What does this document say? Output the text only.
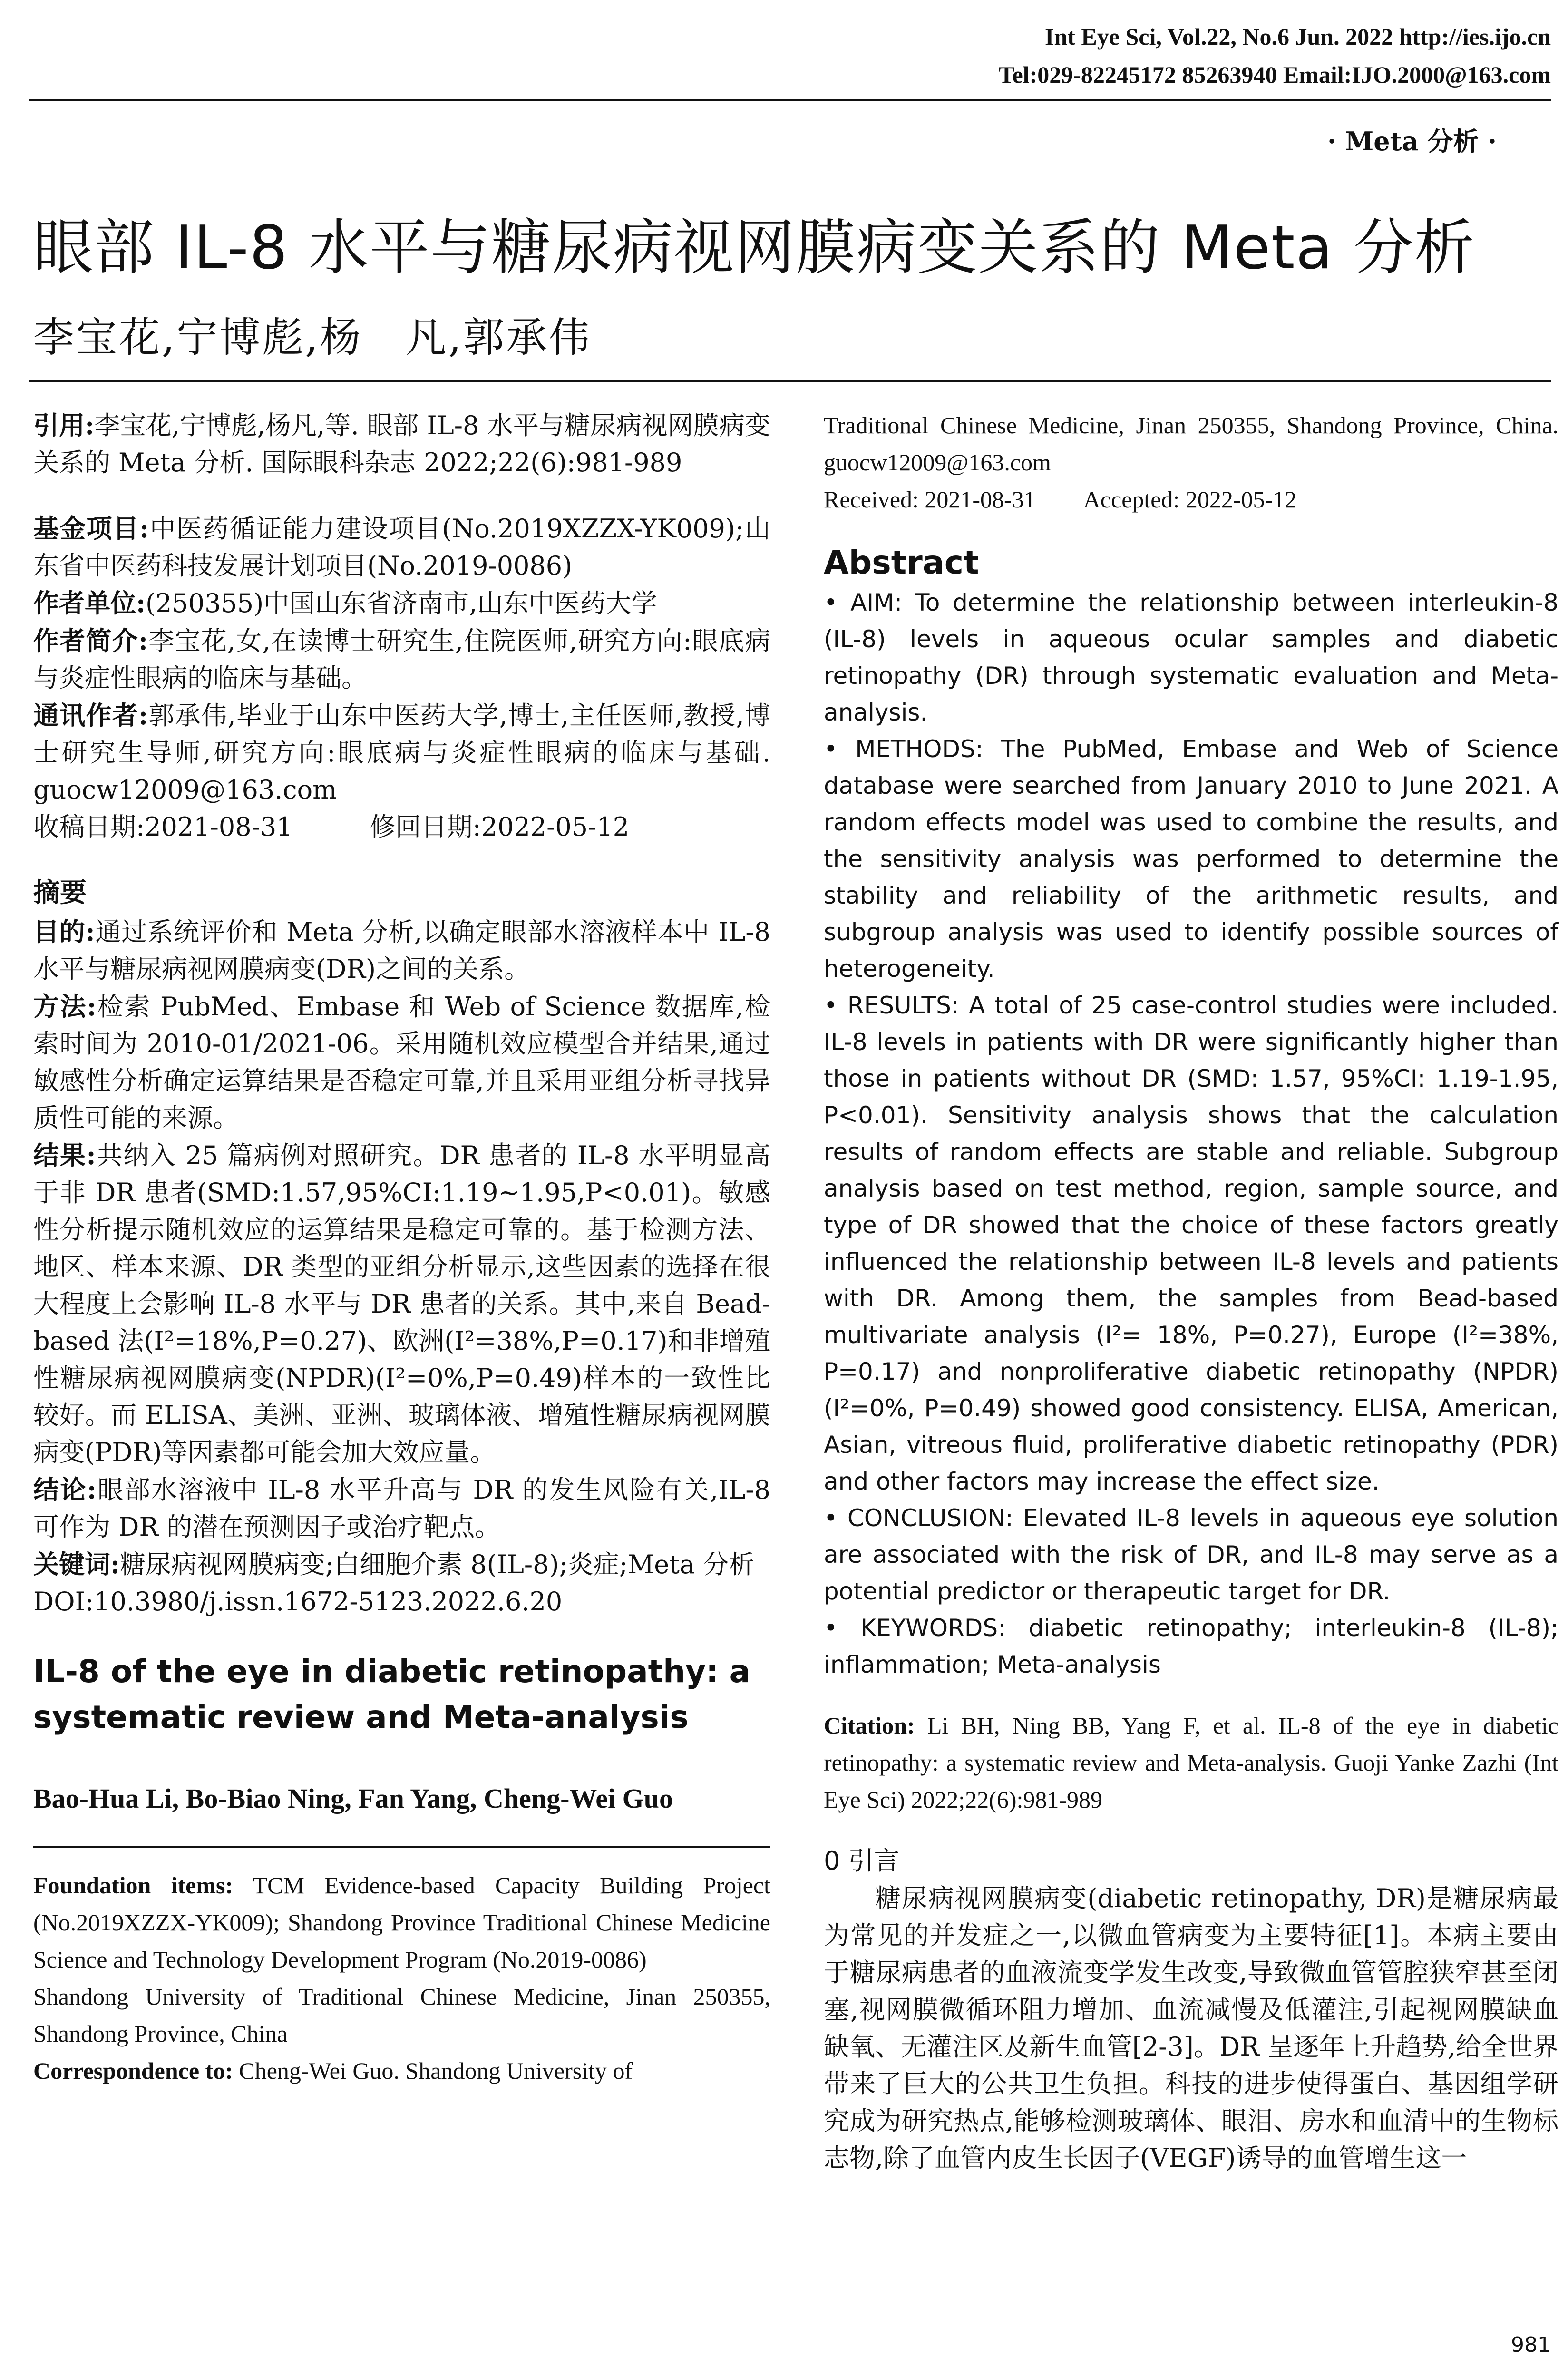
Int Eye Sci, Vol.22, No.6 Jun. 2022 http://ies.ijo.cn
Tel:029-82245172 85263940 Email:IJO.2000@163.com
· Meta 分析 ·
眼部 IL-8 水平与糖尿病视网膜病变关系的 Meta 分析
李宝花,宁博彪,杨　凡,郭承伟

引用:李宝花,宁博彪,杨凡,等. 眼部 IL-8 水平与糖尿病视网膜病变关系的 Meta 分析. 国际眼科杂志 2022;22(6):981-989

基金项目:中医药循证能力建设项目(No.2019XZZX-YK009);山东省中医药科技发展计划项目(No.2019-0086)

作者单位:(250355)中国山东省济南市,山东中医药大学

作者简介:李宝花,女,在读博士研究生,住院医师,研究方向:眼底病与炎症性眼病的临床与基础。

通讯作者:郭承伟,毕业于山东中医药大学,博士,主任医师,教授,博士研究生导师,研究方向:眼底病与炎症性眼病的临床与基础. guocw12009@163.com

收稿日期:2021-08-31　　　修回日期:2022-05-12

摘要

目的:通过系统评价和 Meta 分析,以确定眼部水溶液样本中 IL-8 水平与糖尿病视网膜病变(DR)之间的关系。

方法:检索 PubMed、Embase 和 Web of Science 数据库,检索时间为 2010-01/2021-06。采用随机效应模型合并结果,通过敏感性分析确定运算结果是否稳定可靠,并且采用亚组分析寻找异质性可能的来源。

结果:共纳入 25 篇病例对照研究。DR 患者的 IL-8 水平明显高于非 DR 患者(SMD:1.57,95%CI:1.19~1.95,P<0.01)。敏感性分析提示随机效应的运算结果是稳定可靠的。基于检测方法、地区、样本来源、DR 类型的亚组分析显示,这些因素的选择在很大程度上会影响 IL-8 水平与 DR 患者的关系。其中,来自 Bead-based 法(I²=18%,P=0.27)、欧洲(I²=38%,P=0.17)和非增殖性糖尿病视网膜病变(NPDR)(I²=0%,P=0.49)样本的一致性比较好。而 ELISA、美洲、亚洲、玻璃体液、增殖性糖尿病视网膜病变(PDR)等因素都可能会加大效应量。

结论:眼部水溶液中 IL-8 水平升高与 DR 的发生风险有关,IL-8 可作为 DR 的潜在预测因子或治疗靶点。

关键词:糖尿病视网膜病变;白细胞介素 8(IL-8);炎症;Meta 分析

DOI:10.3980/j.issn.1672-5123.2022.6.20

IL-8 of the eye in diabetic retinopathy: a systematic review and Meta-analysis

Bao-Hua Li, Bo-Biao Ning, Fan Yang, Cheng-Wei Guo

Foundation items: TCM Evidence-based Capacity Building Project (No.2019XZZX-YK009); Shandong Province Traditional Chinese Medicine Science and Technology Development Program (No.2019-0086)

Shandong University of Traditional Chinese Medicine, Jinan 250355, Shandong Province, China

Correspondence to: Cheng-Wei Guo. Shandong University of

Traditional Chinese Medicine, Jinan 250355, Shandong Province, China. guocw12009@163.com

Received: 2021-08-31　　Accepted: 2022-05-12

Abstract

• AIM: To determine the relationship between interleukin-8 (IL-8) levels in aqueous ocular samples and diabetic retinopathy (DR) through systematic evaluation and Meta-analysis.

• METHODS: The PubMed, Embase and Web of Science database were searched from January 2010 to June 2021. A random effects model was used to combine the results, and the sensitivity analysis was performed to determine the stability and reliability of the arithmetic results, and subgroup analysis was used to identify possible sources of heterogeneity.

• RESULTS: A total of 25 case-control studies were included. IL-8 levels in patients with DR were significantly higher than those in patients without DR (SMD: 1.57, 95%CI: 1.19-1.95, P<0.01). Sensitivity analysis shows that the calculation results of random effects are stable and reliable. Subgroup analysis based on test method, region, sample source, and type of DR showed that the choice of these factors greatly influenced the relationship between IL-8 levels and patients with DR. Among them, the samples from Bead-based multivariate analysis (I²= 18%, P=0.27), Europe (I²=38%, P=0.17) and nonproliferative diabetic retinopathy (NPDR) (I²=0%, P=0.49) showed good consistency. ELISA, American, Asian, vitreous fluid, proliferative diabetic retinopathy (PDR) and other factors may increase the effect size.

• CONCLUSION: Elevated IL-8 levels in aqueous eye solution are associated with the risk of DR, and IL-8 may serve as a potential predictor or therapeutic target for DR.

• KEYWORDS: diabetic retinopathy; interleukin-8 (IL-8); inflammation; Meta-analysis

Citation: Li BH, Ning BB, Yang F, et al. IL-8 of the eye in diabetic retinopathy: a systematic review and Meta-analysis. Guoji Yanke Zazhi (Int Eye Sci) 2022;22(6):981-989

0 引言

糖尿病视网膜病变(diabetic retinopathy, DR)是糖尿病最为常见的并发症之一,以微血管病变为主要特征[1]。本病主要由于糖尿病患者的血液流变学发生改变,导致微血管管腔狭窄甚至闭塞,视网膜微循环阻力增加、血流减慢及低灌注,引起视网膜缺血缺氧、无灌注区及新生血管[2-3]。DR 呈逐年上升趋势,给全世界带来了巨大的公共卫生负担。科技的进步使得蛋白、基因组学研究成为研究热点,能够检测玻璃体、眼泪、房水和血清中的生物标志物,除了血管内皮生长因子(VEGF)诱导的血管增生这一

981
